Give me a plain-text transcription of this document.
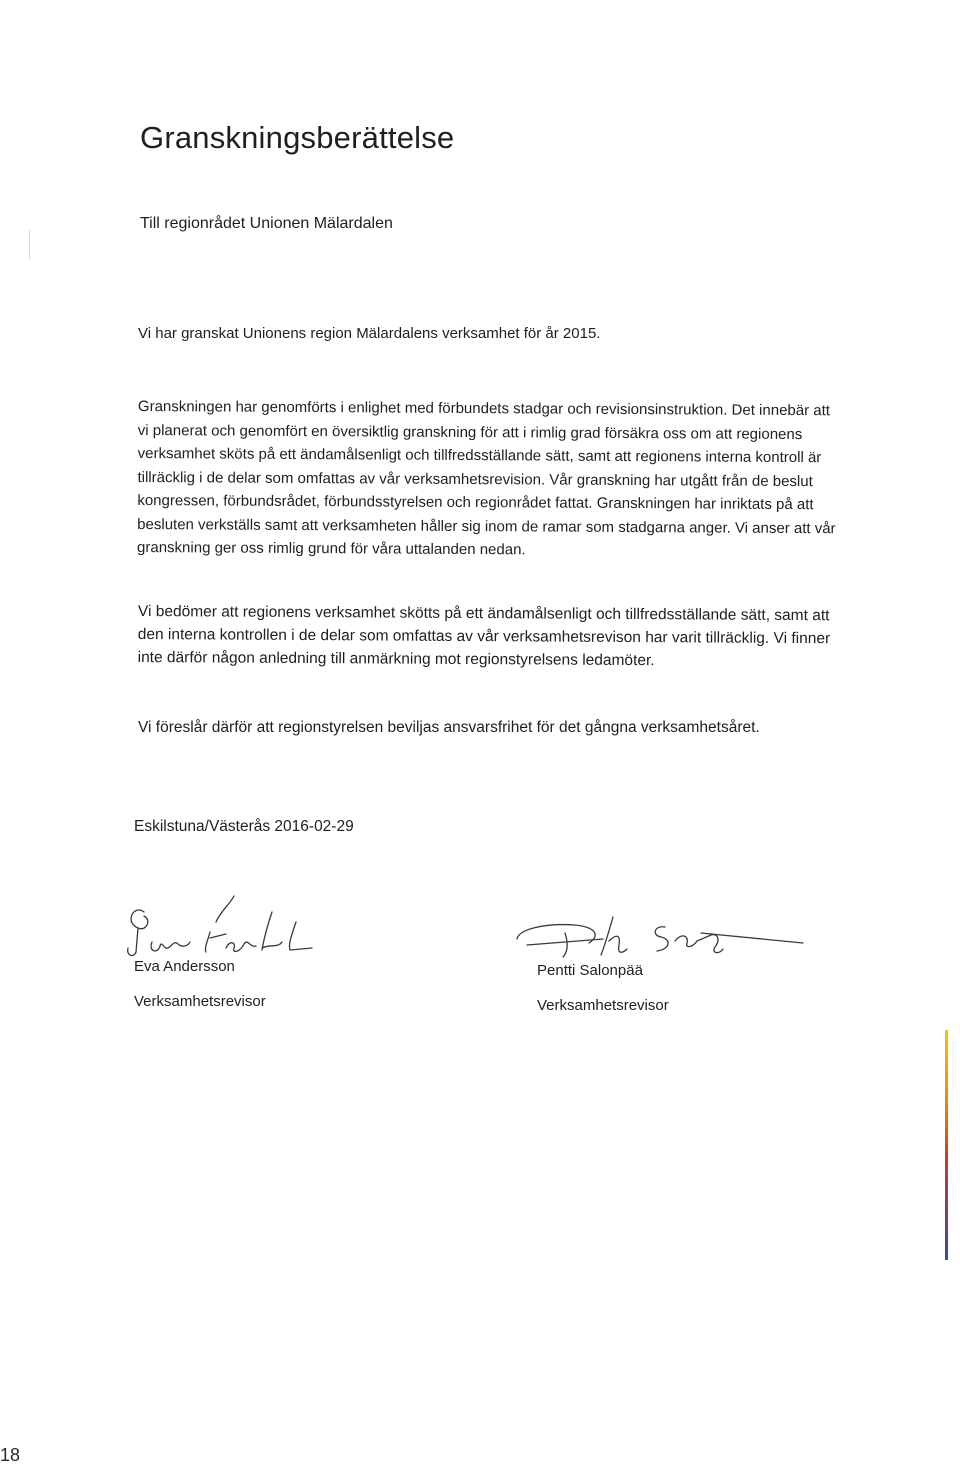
Granskningsberättelse
Till regionrådet Unionen Mälardalen

Vi har granskat Unionens region Mälardalens verksamhet för år 2015.

Granskningen har genomförts i enlighet med förbundets stadgar och revisionsinstruktion. Det innebär att vi planerat och genomfört en översiktlig granskning för att i rimlig grad försäkra oss om att regionens verksamhet sköts på ett ändamålsenligt och tillfredsställande sätt, samt att regionens interna kontroll är tillräcklig i de delar som omfattas av vår verksamhetsrevision. Vår granskning har utgått från de beslut kongressen, förbundsrådet, förbundsstyrelsen och regionrådet fattat. Granskningen har inriktats på att besluten verkställs samt att verksamheten håller sig inom de ramar som stadgarna anger. Vi anser att vår granskning ger oss rimlig grund för våra uttalanden nedan.

Vi bedömer att regionens verksamhet skötts på ett ändamålsenligt och tillfredsställande sätt, samt att den interna kontrollen i de delar som omfattas av vår verksamhetsrevison har varit tillräcklig. Vi finner inte därför någon anledning till anmärkning mot regionstyrelsens ledamöter.

Vi föreslår därför att regionstyrelsen beviljas ansvarsfrihet för det gångna verksamhetsåret.

Eskilstuna/Västerås 2016-02-29
Eva Andersson
Verksamhetsrevisor
Pentti Salonpää
Verksamhetsrevisor
18
